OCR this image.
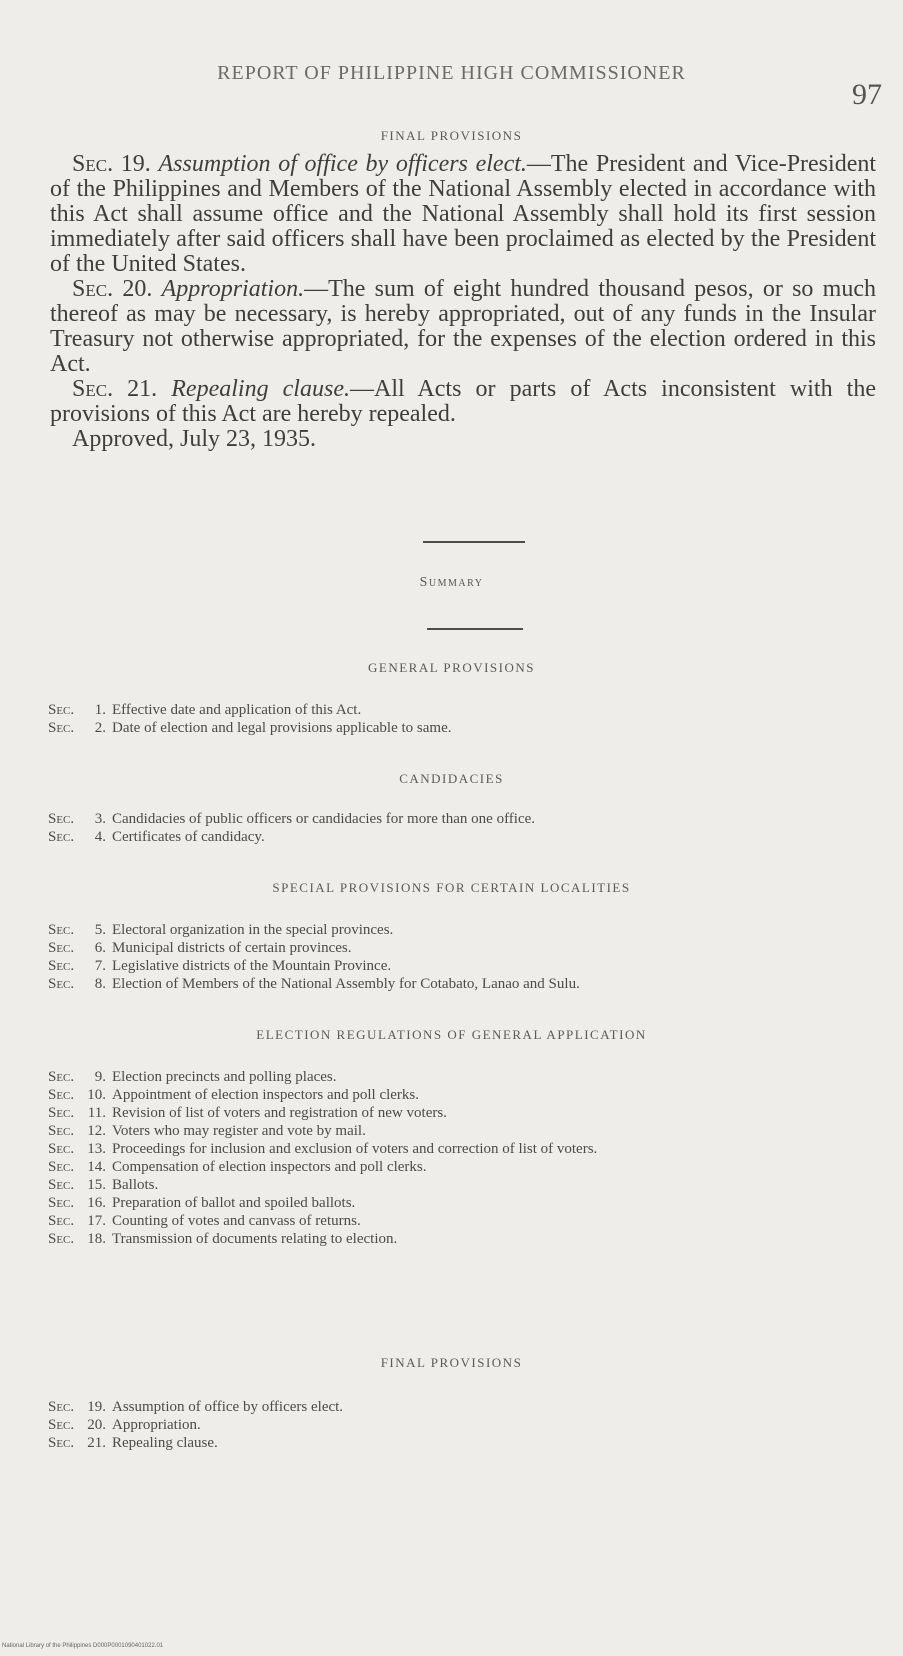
REPORT OF PHILIPPINE HIGH COMMISSIONER
97
FINAL PROVISIONS

Sec. 19. Assumption of office by officers elect.—The President and Vice-President of the Philippines and Members of the National Assembly elected in accordance with this Act shall assume office and the National Assembly shall hold its first session immediately after said officers shall have been proclaimed as elected by the President of the United States.

Sec. 20. Appropriation.—The sum of eight hundred thousand pesos, or so much thereof as may be necessary, is hereby appropriated, out of any funds in the Insular Treasury not otherwise appropriated, for the expenses of the election ordered in this Act.

Sec. 21. Repealing clause.—All Acts or parts of Acts inconsistent with the provisions of this Act are hereby repealed.

Approved, July 23, 1935.

Summary
GENERAL PROVISIONS
Sec.	1. Effective date and application of this Act.
Sec.	2. Date of election and legal provisions applicable to same.
CANDIDACIES
Sec.	3. Candidacies of public officers or candidacies for more than one office.
Sec.	4. Certificates of candidacy.
SPECIAL PROVISIONS FOR CERTAIN LOCALITIES
Sec.	5. Electoral organization in the special provinces.
Sec.	6. Municipal districts of certain provinces.
Sec.	7. Legislative districts of the Mountain Province.
Sec.	8. Election of Members of the National Assembly for Cotabato, Lanao and Sulu.
ELECTION REGULATIONS OF GENERAL APPLICATION
Sec.	9. Election precincts and polling places.
Sec. 10. Appointment of election inspectors and poll clerks.
Sec. 11. Revision of list of voters and registration of new voters.
Sec. 12. Voters who may register and vote by mail.
Sec. 13. Proceedings for inclusion and exclusion of voters and correction of list of voters.
Sec. 14. Compensation of election inspectors and poll clerks.
Sec. 15. Ballots.
Sec. 16. Preparation of ballot and spoiled ballots.
Sec. 17. Counting of votes and canvass of returns.
Sec. 18. Transmission of documents relating to election.
FINAL PROVISIONS
Sec. 19. Assumption of office by officers elect.
Sec. 20. Appropriation.
Sec. 21. Repealing clause.
National Library of the Philippines D000P0001090401022.01
